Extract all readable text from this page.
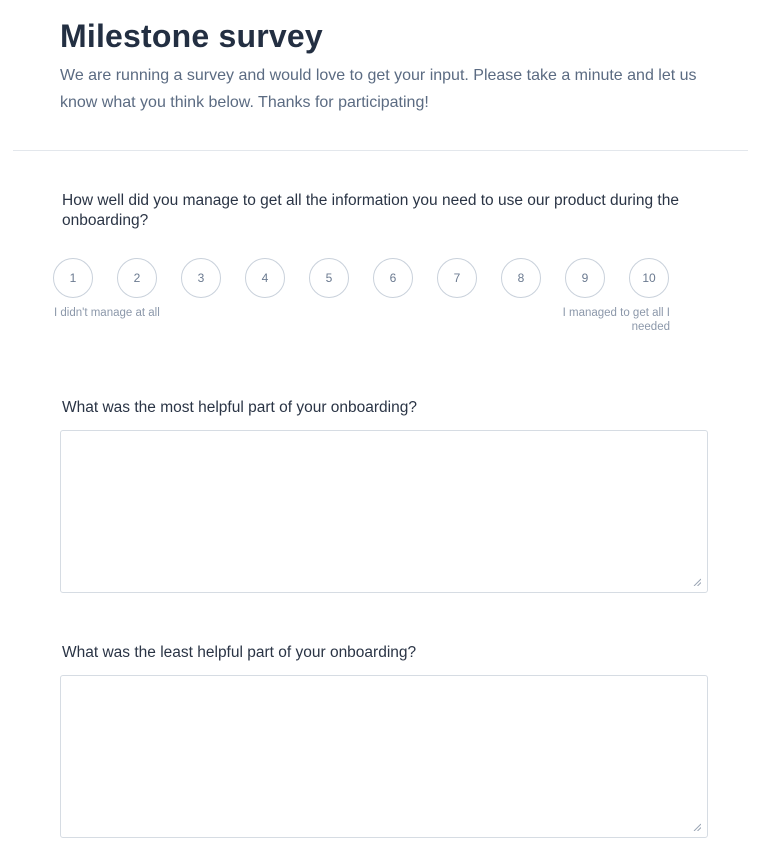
Milestone survey

We are running a survey and would love to get your input. Please take a minute and let us know what you think below. Thanks for participating!

How well did you manage to get all the information you need to use our product during the onboarding?
1	2	3	4	5	6	7	8	9	10
I didn't manage at all	I managed to get all I needed
What was the most helpful part of your onboarding?
What was the least helpful part of your onboarding?
